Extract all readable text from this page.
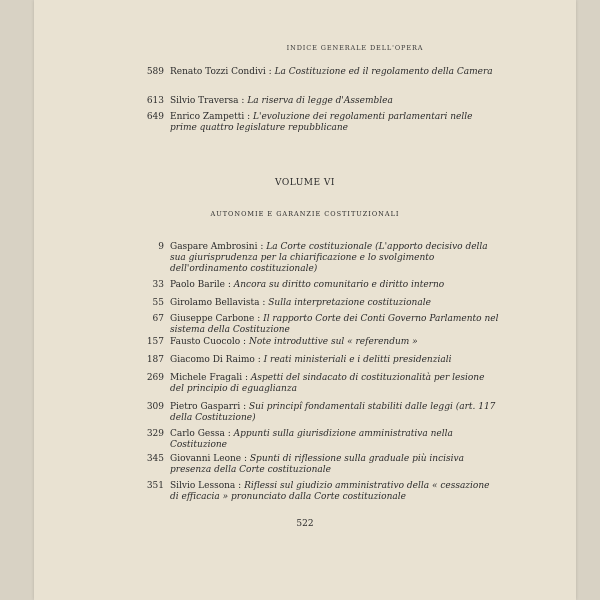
INDICE GENERALE DELL'OPERA
589 Renato Tozzi Condivi : La Costituzione ed il regolamento della Camera
613 Silvio Traversa : La riserva di legge d'Assemblea
649 Enrico Zampetti : L'evoluzione dei regolamenti parlamentari nelle prime quattro legislature repubblicane
VOLUME VI
AUTONOMIE E GARANZIE COSTITUZIONALI
9 Gaspare Ambrosini : La Corte costituzionale (L'apporto decisivo della sua giurisprudenza per la chiarificazione e lo svolgimento dell'ordinamento costituzionale)
33 Paolo Barile : Ancora su diritto comunitario e diritto interno
55 Girolamo Bellavista : Sulla interpretazione costituzionale
67 Giuseppe Carbone : Il rapporto Corte dei Conti Governo Parlamento nel sistema della Costituzione
157 Fausto Cuocolo : Note introduttive sul « referendum »
187 Giacomo Di Raimo : I reati ministeriali e i delitti presidenziali
269 Michele Fragali : Aspetti del sindacato di costituzionalità per lesione del principio di eguaglianza
309 Pietro Gasparri : Sui principî fondamentali stabiliti dalle leggi (art. 117 della Costituzione)
329 Carlo Gessa : Appunti sulla giurisdizione amministrativa nella Costituzione
345 Giovanni Leone : Spunti di riflessione sulla graduale più incisiva presenza della Corte costituzionale
351 Silvio Lessona : Riflessi sul giudizio amministrativo della « cessazione di efficacia » pronunciato dalla Corte costituzionale
522
